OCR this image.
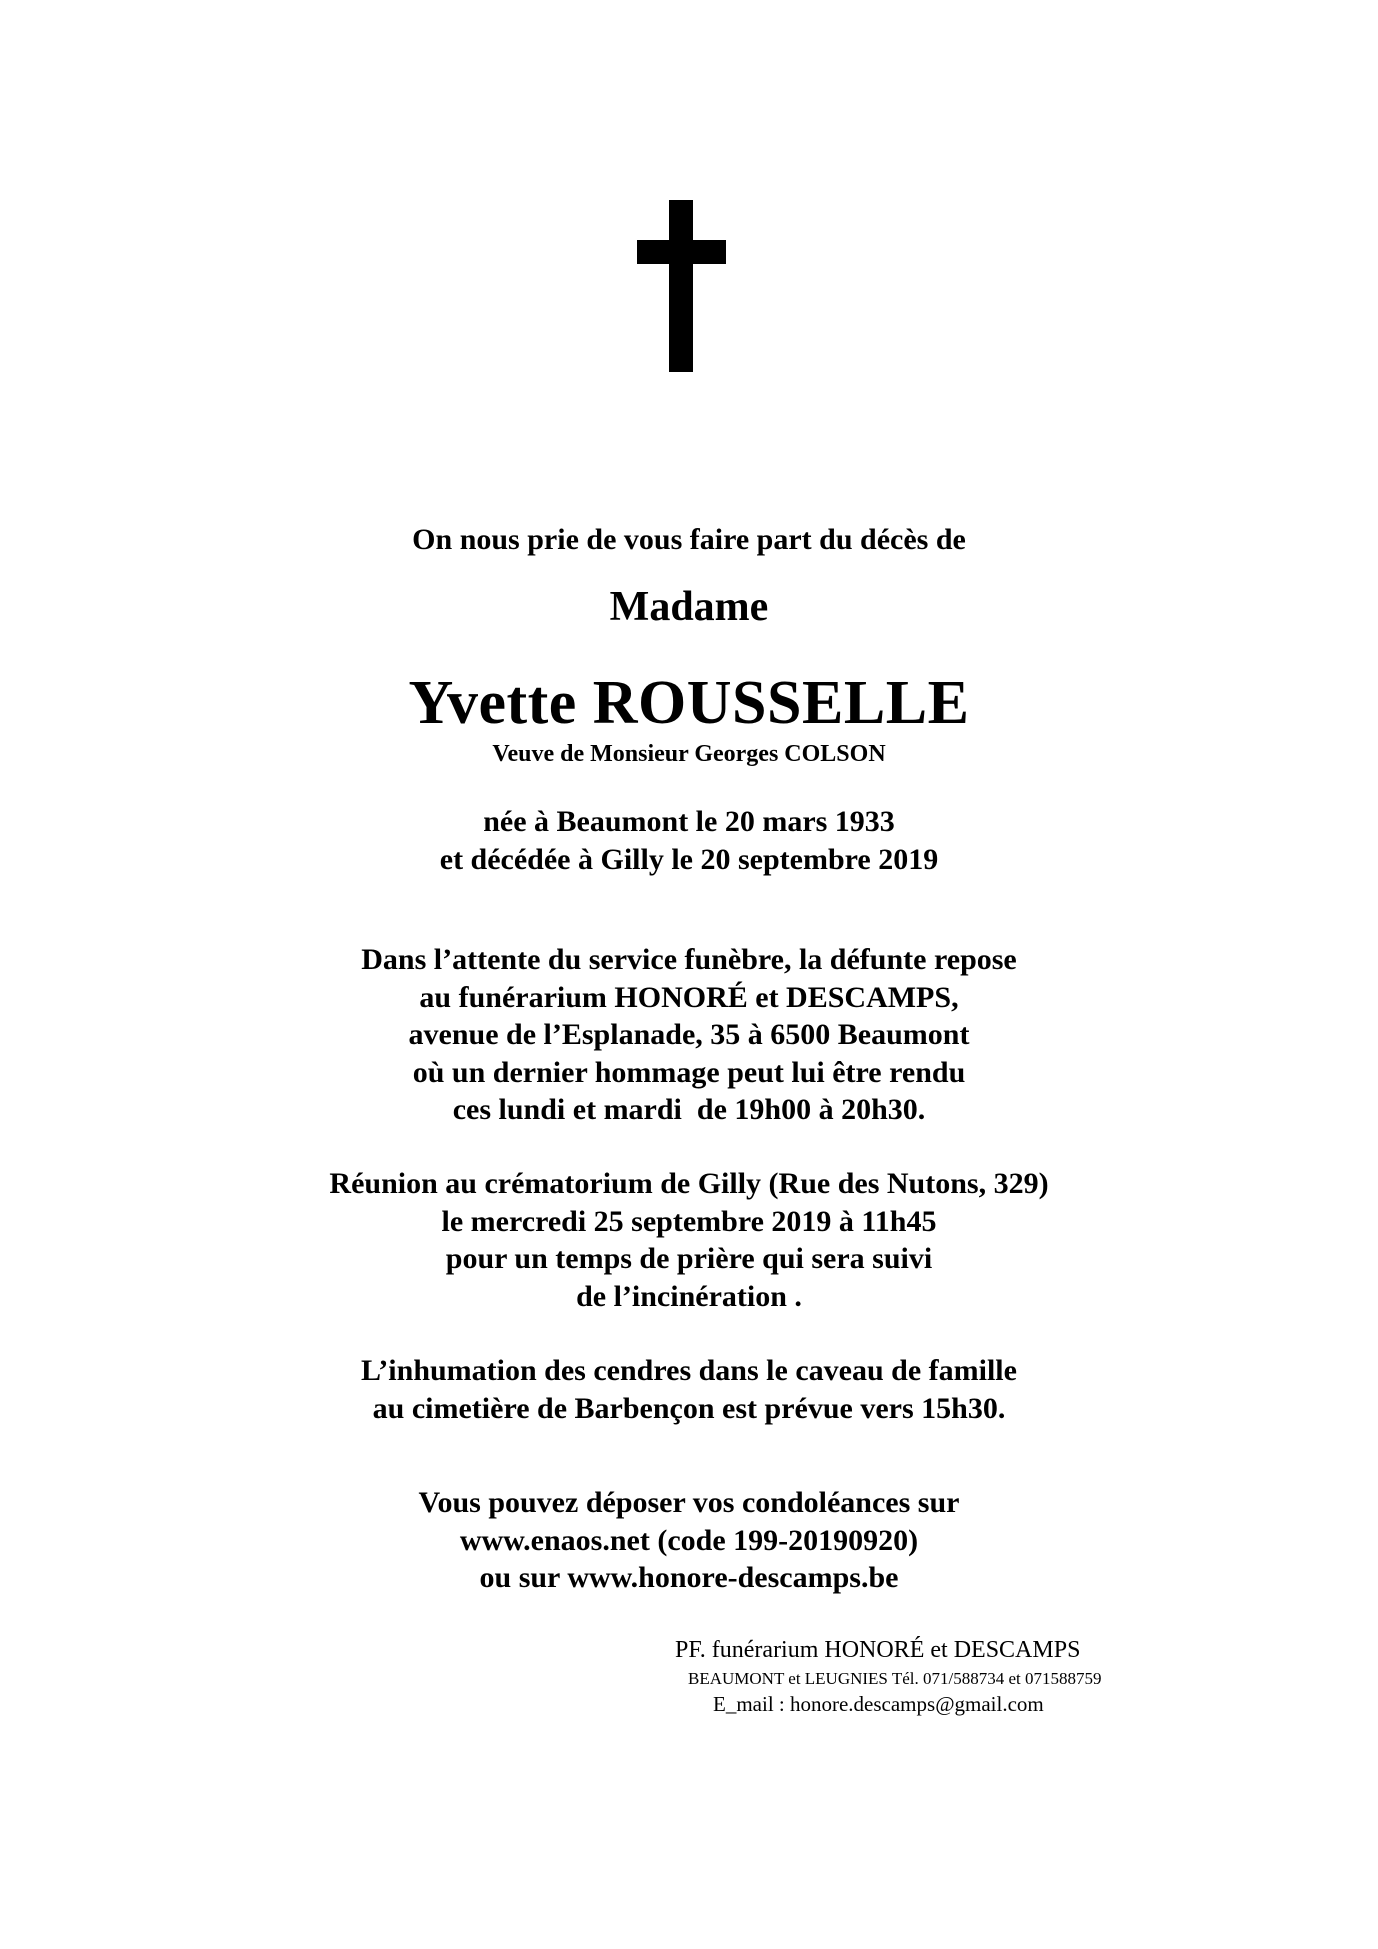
On nous prie de vous faire part du décès de
Madame
Yvette ROUSSELLE
Veuve de Monsieur Georges COLSON
née à Beaumont le 20 mars 1933
et décédée à Gilly le 20 septembre 2019
Dans l’attente du service funèbre, la défunte repose
au funérarium HONORÉ et DESCAMPS,
avenue de l’Esplanade, 35 à 6500 Beaumont
où un dernier hommage peut lui être rendu
ces lundi et mardi  de 19h00 à 20h30.
Réunion au crématorium de Gilly (Rue des Nutons, 329)
le mercredi 25 septembre 2019 à 11h45
pour un temps de prière qui sera suivi
de l’incinération .
L’inhumation des cendres dans le caveau de famille
au cimetière de Barbençon est prévue vers 15h30.
Vous pouvez déposer vos condoléances sur
www.enaos.net (code 199-20190920)
ou sur www.honore-descamps.be
PF. funérarium HONORÉ et DESCAMPS
BEAUMONT et LEUGNIES Tél. 071/588734 et 071588759
E_mail : honore.descamps@gmail.com
